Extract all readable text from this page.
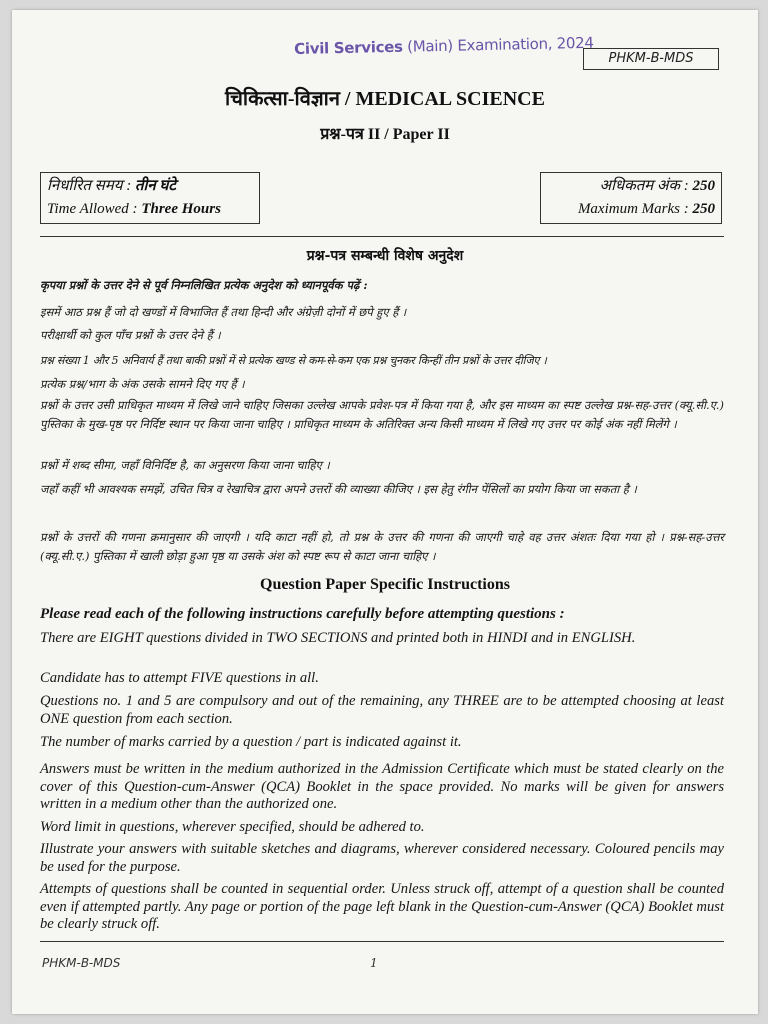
Civil Services (Main) Examination, 2024
PHKM-B-MDS
चिकित्सा-विज्ञान / MEDICAL SCIENCE
प्रश्न-पत्र II / Paper II
निर्धारित समय : तीन घंटे
Time Allowed : Three Hours
अधिकतम अंक : 250
Maximum Marks : 250
प्रश्न-पत्र सम्बन्धी विशेष अनुदेश
कृपया प्रश्नों के उत्तर देने से पूर्व निम्नलिखित प्रत्येक अनुदेश को ध्यानपूर्वक पढ़ें :
इसमें आठ प्रश्न हैं जो दो खण्डों में विभाजित हैं तथा हिन्दी और अंग्रेज़ी दोनों में छपे हुए हैं ।
परीक्षार्थी को कुल पाँच प्रश्नों के उत्तर देने हैं ।
प्रश्न संख्या 1 और 5 अनिवार्य हैं तथा बाकी प्रश्नों में से प्रत्येक खण्ड से कम-से-कम एक प्रश्न चुनकर किन्हीं तीन प्रश्नों के उत्तर दीजिए ।
प्रत्येक प्रश्न/भाग के अंक उसके सामने दिए गए हैं ।
प्रश्नों के उत्तर उसी प्राधिकृत माध्यम में लिखे जाने चाहिए जिसका उल्लेख आपके प्रवेश-पत्र में किया गया है, और इस माध्यम का स्पष्ट उल्लेख प्रश्न-सह-उत्तर (क्यू.सी.ए.) पुस्तिका के मुख-पृष्ठ पर निर्दिष्ट स्थान पर किया जाना चाहिए । प्राधिकृत माध्यम के अतिरिक्त अन्य किसी माध्यम में लिखे गए उत्तर पर कोई अंक नहीं मिलेंगे ।
प्रश्नों में शब्द सीमा, जहाँ विनिर्दिष्ट है, का अनुसरण किया जाना चाहिए ।
जहाँ कहीं भी आवश्यक समझें, उचित चित्र व रेखाचित्र द्वारा अपने उत्तरों की व्याख्या कीजिए । इस हेतु रंगीन पेंसिलों का प्रयोग किया जा सकता है ।
प्रश्नों के उत्तरों की गणना क्रमानुसार की जाएगी । यदि काटा नहीं हो, तो प्रश्न के उत्तर की गणना की जाएगी चाहे वह उत्तर अंशतः दिया गया हो । प्रश्न-सह-उत्तर (क्यू.सी.ए.) पुस्तिका में खाली छोड़ा हुआ पृष्ठ या उसके अंश को स्पष्ट रूप से काटा जाना चाहिए ।
Question Paper Specific Instructions
Please read each of the following instructions carefully before attempting questions :
There are EIGHT questions divided in TWO SECTIONS and printed both in HINDI and in ENGLISH.
Candidate has to attempt FIVE questions in all.
Questions no. 1 and 5 are compulsory and out of the remaining, any THREE are to be attempted choosing at least ONE question from each section.
The number of marks carried by a question / part is indicated against it.
Answers must be written in the medium authorized in the Admission Certificate which must be stated clearly on the cover of this Question-cum-Answer (QCA) Booklet in the space provided. No marks will be given for answers written in a medium other than the authorized one.
Word limit in questions, wherever specified, should be adhered to.
Illustrate your answers with suitable sketches and diagrams, wherever considered necessary. Coloured pencils may be used for the purpose.
Attempts of questions shall be counted in sequential order. Unless struck off, attempt of a question shall be counted even if attempted partly. Any page or portion of the page left blank in the Question-cum-Answer (QCA) Booklet must be clearly struck off.
PHKM-B-MDS	1
